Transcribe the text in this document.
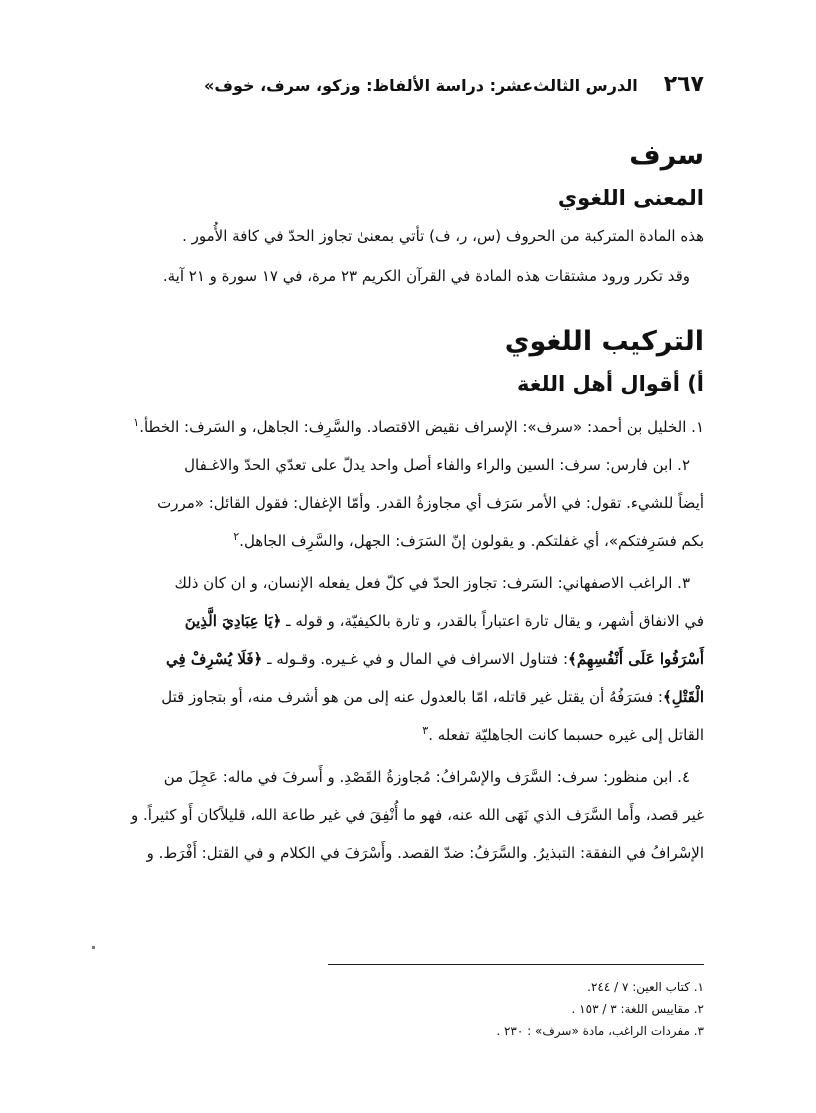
٢٦٧
الدرس الثالث‌عشر: دراسة الألفاظ: وزكو، سرف، خوف»
سرف
المعنی اللغوي

هذه المادة المترکبة من الحروف (س، ر، ف) تأتي بمعنیٰ تجاوز الحدّ في کافة الأُمور .

وقد تكرر ورود مشتقات هذه المادة في القرآن الكريم ٢٣ مرة، في ١٧ سورة و ٢١ آية.

الترکیب اللغوي
أ) أقوال أهل اللغة

١. الخليل بن أحمد: «سرف»: الإسراف نقيض الاقتصاد. والسَّرِف: الجاهل، و السَرف: الخطأ.$^١$

٢. ابن فارس: سرف: السين والراء والفاء أصل واحد يدلّ على تعدّي الحدّ والاغـفال

أيضاً للشيء. تقول: في الأمر سَرَف أي مجاوزةُ القدر. وأمّا الإغفال: فقول القائل: «مررت

بكم فسَرِفتكم»، أي غفلتكم. و يقولون إنّ السَرَف: الجهل، والسَّرِف الجاهل.$^٢$

٣. الراغب الاصفهاني: السَرف: تجاوز الحدّ في كلّ فعل يفعله الإنسان، و ان كان ذلك

في الانفاق أشهر، و يقال تارة اعتباراً بالقدر، و تارة بالكيفيّة، و قوله ـ ﴿يَا عِبَادِيَ الَّذِينَ

أَسْرَفُوا عَلَى أَنْفُسِهِمْ﴾: فتناول الاسراف في المال و في غـيره. وقـوله ـ ﴿فَلَا يُسْرِفْ فِي

الْقَتْلِ﴾: فسَرَفُهُ أن يقتل غير قاتله، امّا بالعدول عنه إلى من هو أشرف منه، أو بتجاوز قتل

القاتل إلى غيره حسبما كانت الجاهليّة تفعله .$^٣$

٤. ابن منظور: سرف: السَّرَف والإسْرافُ: مُجاوزةُ القَصْدِ. و أَسرفَ في ماله: عَجِلَ من

غير قصد، وأَما السَّرَف الذي نَهَى الله عنه، فهو ما أُنْفِقَ في غير طاعة الله، قليلاًكان أَو كثيراً. و

الإسْرافُ في النفقة: التبذيرُ. والسَّرَفُ: ضدّ القصد. وأَسْرَفَ في الكلام و في القتل: أَفْرَط. و

١. کتاب العين: ٧ / ٢٤٤.
٢. مقاييس اللغة: ٣ / ١٥٣ .
٣. مفردات الراغب، مادة «سرف» : ٢٣٠ .
